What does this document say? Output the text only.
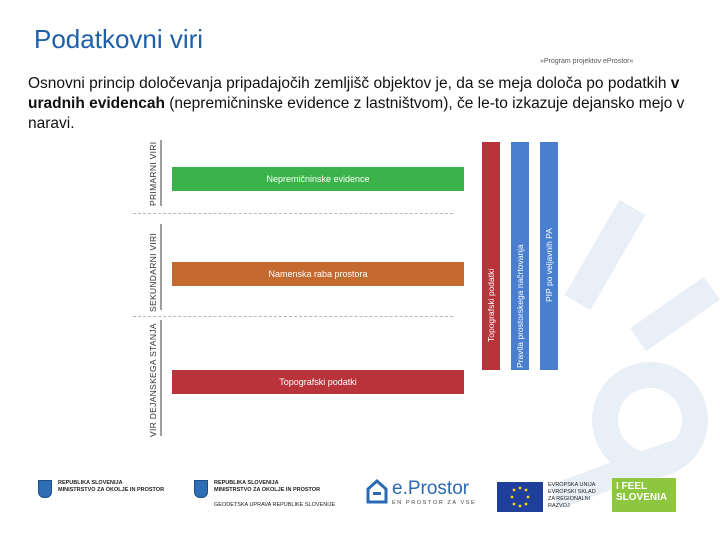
Podatkovni viri
»Program projektov eProstor«
Osnovni princip določevanja pripadajočih zemljišč objektov je, da se meja določa po podatkih v uradnih evidencah (nepremičninske evidence z lastništvom), če le-to izkazuje dejansko mejo v naravi.
PRIMARNI VIRI
SEKUNDARNI VIRI
VIR DEJANSKEGA STANJA
Nepremičninske evidence
Namenska raba prostora
Topografski podatki
Topografski podatki Pravila prostorskega načrtovanja PIP po veljavnih PA
REPUBLIKA SLOVENIJA
MINISTRSTVO ZA OKOLJE IN PROSTOR
REPUBLIKA SLOVENIJA
MINISTRSTVO ZA OKOLJE IN PROSTOR
GEODETSKA UPRAVA REPUBLIKE SLOVENIJE
e.Prostor
EN PROSTOR ZA VSE
EVROPSKA UNIJA
EVROPSKI SKLAD
ZA REGIONALNI
RAZVOJ
I FEEL
SLOVENIA
